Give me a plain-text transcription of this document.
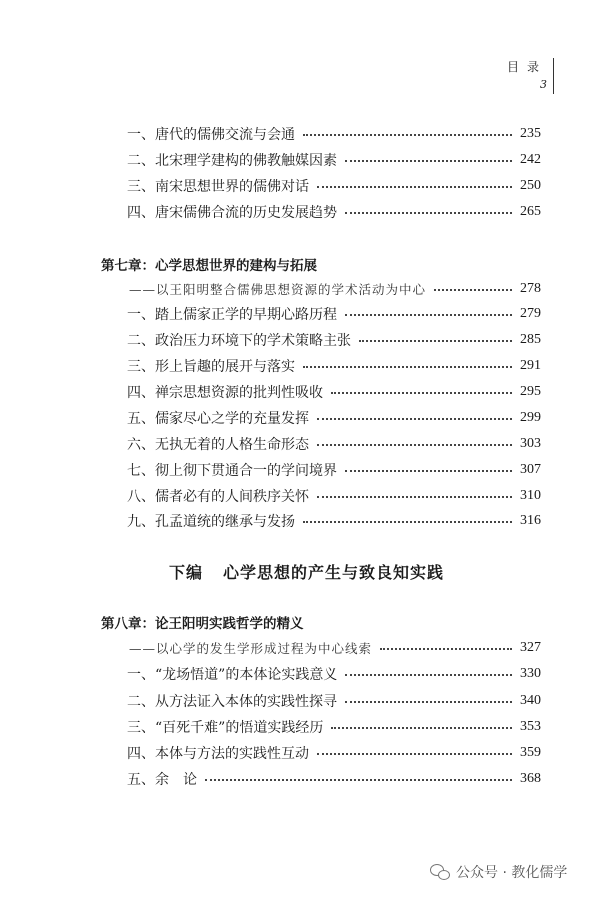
目录
3
一、唐代的儒佛交流与会通	235
二、北宋理学建构的佛教触媒因素	242
三、南宋思想世界的儒佛对话	250
四、唐宋儒佛合流的历史发展趋势	265
第七章：心学思想世界的建构与拓展
——以王阳明整合儒佛思想资源的学术活动为中心	278
一、踏上儒家正学的早期心路历程	279
二、政治压力环境下的学术策略主张	285
三、形上旨趣的展开与落实	291
四、禅宗思想资源的批判性吸收	295
五、儒家尽心之学的充量发挥	299
六、无执无着的人格生命形态	303
七、彻上彻下贯通合一的学问境界	307
八、儒者必有的人间秩序关怀	310
九、孔孟道统的继承与发扬	316
下编 心学思想的产生与致良知实践
第八章：论王阳明实践哲学的精义
——以心学的发生学形成过程为中心线索	327
一、“龙场悟道”的本体论实践意义	330
二、从方法证入本体的实践性探寻	340
三、“百死千难”的悟道实践经历	353
四、本体与方法的实践性互动	359
五、余　论	368
公众号 · 教化儒学
